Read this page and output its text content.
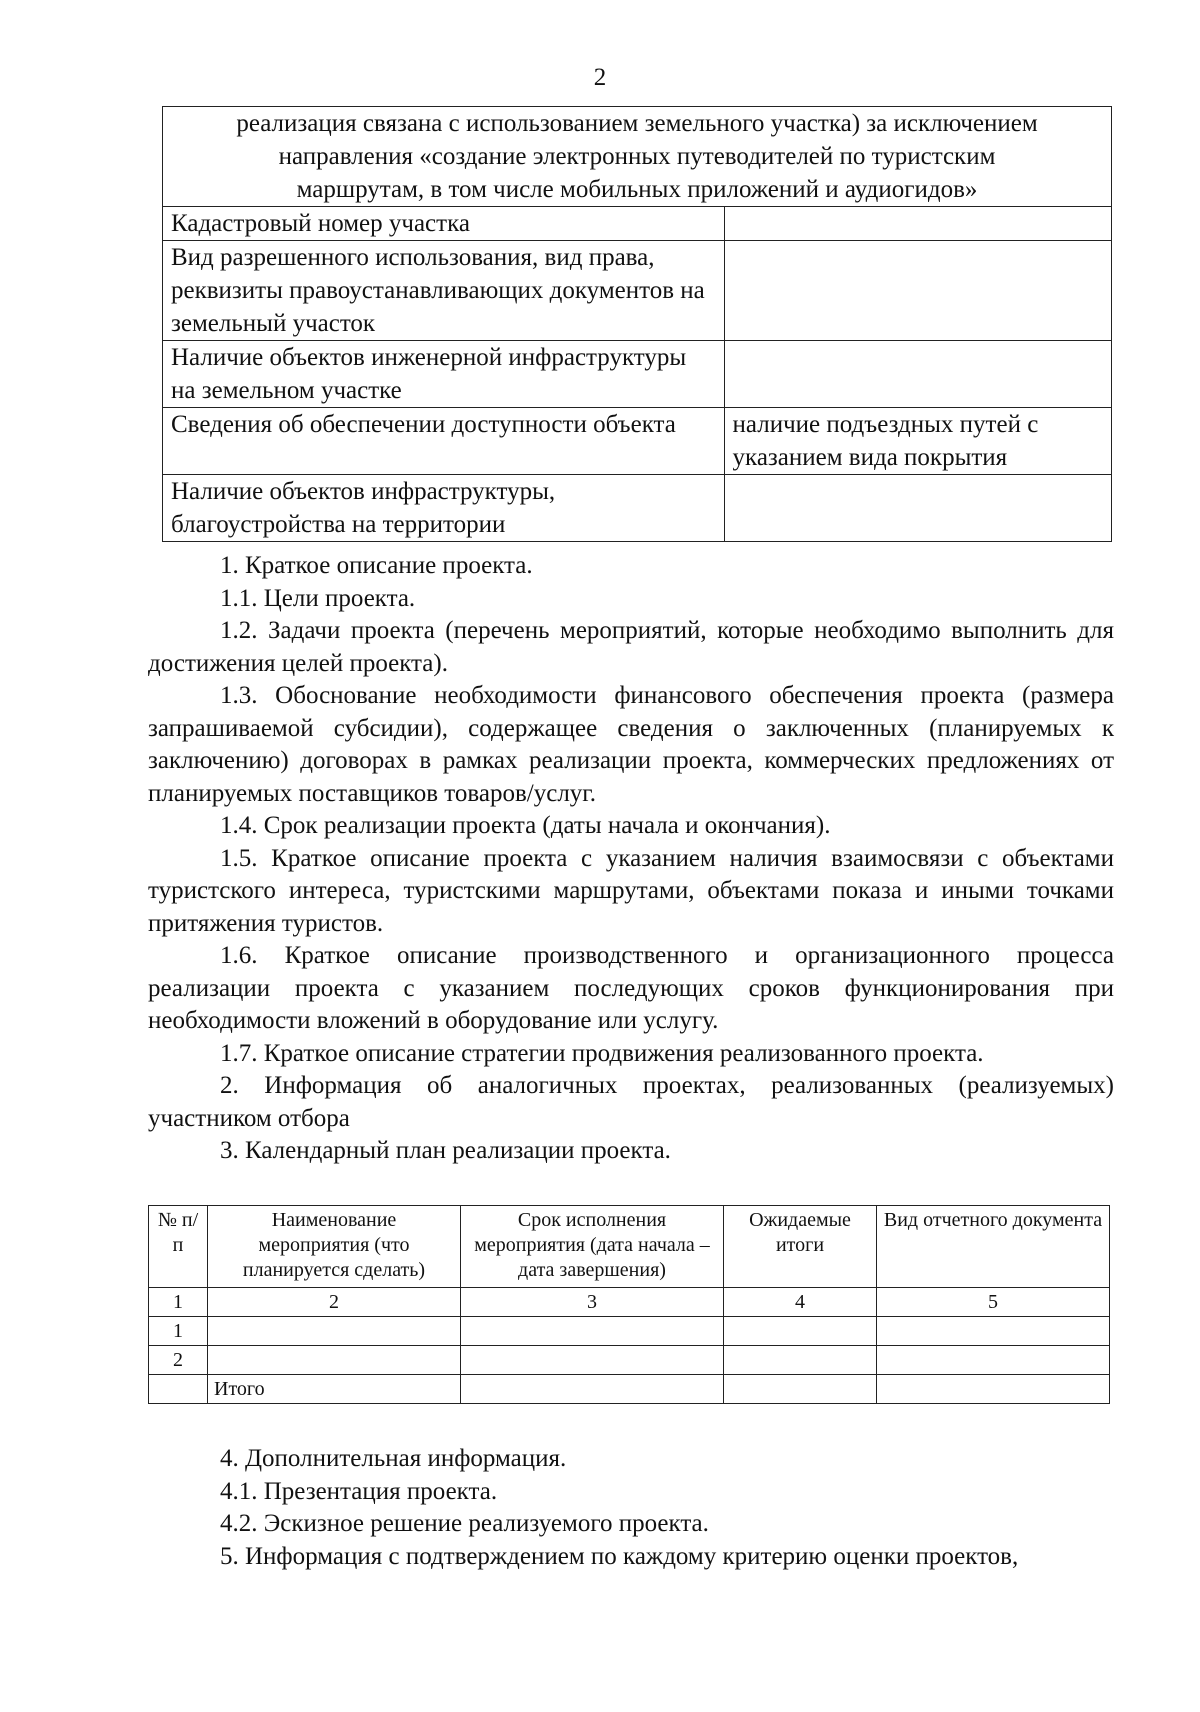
2
реализация связана с использованием земельного участка) за исключением
направления «создание электронных путеводителей по туристским
маршрутам, в том числе мобильных приложений и аудиогидов»	

Кадастровый номер участка	
Вид разрешенного использования, вид права, реквизиты правоустанавливающих документов на земельный участок	
Наличие объектов инженерной инфраструктуры на земельном участке	
Сведения об обеспечении доступности объекта	наличие подъездных путей с указанием вида покрытия
Наличие объектов инфраструктуры, благоустройства на территории	

1. Краткое описание проекта.

1.1. Цели проекта.

1.2. Задачи проекта (перечень мероприятий, которые необходимо выполнить для достижения целей проекта).

1.3. Обоснование необходимости финансового обеспечения проекта (размера запрашиваемой субсидии), содержащее сведения о заключенных (планируемых к заключению) договорах в рамках реализации проекта, коммерческих предложениях от планируемых поставщиков товаров/услуг.

1.4. Срок реализации проекта (даты начала и окончания).

1.5. Краткое описание проекта с указанием наличия взаимосвязи с объектами туристского интереса, туристскими маршрутами, объектами показа и иными точками притяжения туристов.

1.6. Краткое описание производственного и организационного процесса реализации проекта с указанием последующих сроков функционирования при необходимости вложений в оборудование или услугу.

1.7. Краткое описание стратегии продвижения реализованного проекта.

2. Информация об аналогичных проектах, реализованных (реализуемых) участником отбора

3. Календарный план реализации проекта.

№ п/п	Наименование мероприятия (что планируется сделать)	Срок исполнения мероприятия (дата начала – дата завершения)	Ожидаемые итоги	Вид отчетного документа
1	2	3	4	5
1				
2				
	Итого			

4. Дополнительная информация.

4.1. Презентация проекта.

4.2. Эскизное решение реализуемого проекта.

5. Информация с подтверждением по каждому критерию оценки проектов,
